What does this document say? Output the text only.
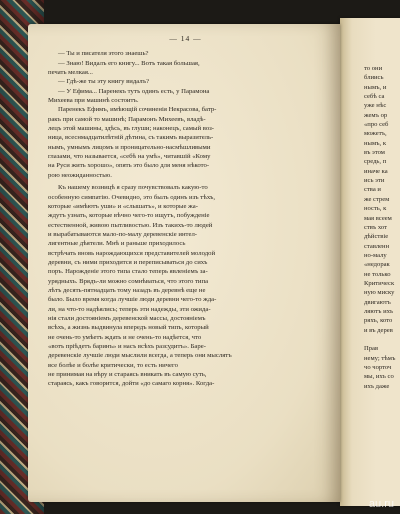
— 14 —
— Ты и писателя этого знаешь?
— Знаю! Видалъ его книгу... Вотъ такая большая,
печать мелкая...
— Гдѣ-же ты эту книгу видалъ?
— У Ефима... Паренекъ тутъ одинъ есть, у Парамона
Михеева при машинѣ состоитъ.
Паренекъ Ефимъ, имѣющій сочиненія Некрасова, батр-
ракъ при самой то машинѣ; Парамонъ Михеевъ, владѣ-
лецъ этой машины, здѣсь, въ глуши; наконецъ, самый воз-
ница, всеснмадцатилѣтній дѣтина, съ такимъ выразитель-
нымъ, умнымъ лицомъ и проницательно-насмѣшливыми
глазами, что называется, «себѣ на умѣ», читавшій «Кому
на Руси жить хорошо», опять это было для меня нѣкото-
рою неожиданностью.
Къ нашему возницѣ я сразу почувствовалъ какую-то
особенную симпатію. Очевидно, это былъ одинъ изъ тѣхъ,
которые «имѣютъ уши» и «слышатъ», и которые жа-
ждутъ узнать, которые вѣчно чего-то ищутъ, побужденіе
естественной, живою пытливостью. Изъ такихъ-то людей
и вырабатываются мало-по-малу деревенскіе интел-
лигентные дѣятели. Мнѣ и раньше приходилось
встрѣчать вновь нарождающихся представителей молодой
деревни, съ ними приходится и переписываться до сихъ
поръ. Нарожденіе этого типа стало теперь явленіемъ за-
урядныхъ. Врядъ-ли можно сомнѣваться, что этого типа
лѣтъ десять-пятнадцать тому назадъ въ деревнѣ еще не
было. Было время когда лучшіе люди деревни чего-то жда-
ли, на что-то надѣялись; теперь эти надежды, эти ожида-
нія стали достояніемъ деревенской массы, достояніемъ
всѣхъ, а жизнь выдвинула впередъ новый типъ, который
не очень-то умѣетъ ждать и не очень-то надѣется, что
«вотъ пріѣдетъ баринъ» и насъ всѣхъ разсудитъ». Баре-
деревенскіе лучшіе люди мыслили всегда, а теперь они мыслятъ
все болѣе и болѣе критически, то есть ничего
не принимая на вѣру и стараясь вникать въ самую суть,
стараясь, какъ говорится, дойти «до самаго корня». Когда-
то они
блиись
нымъ, и
себѣ са
уже нѣс
жемъ ор
«про себ
можетъ,
нымъ, к
въ этом
средь, п
иначе ка
ись эти
ства и
же стрем
ность, к
мая всеем
ствъ хот
дѣйствіе
ставленн
но-малу
«недорак
не только
Критическ
ную миску
двигаютъ
ляютъ ихъ
ряхъ, кото
и въ дерев

Прав
нему; тѣмъ
чо чорточ
мы, ихъ со
ихъ даже
au.ru
